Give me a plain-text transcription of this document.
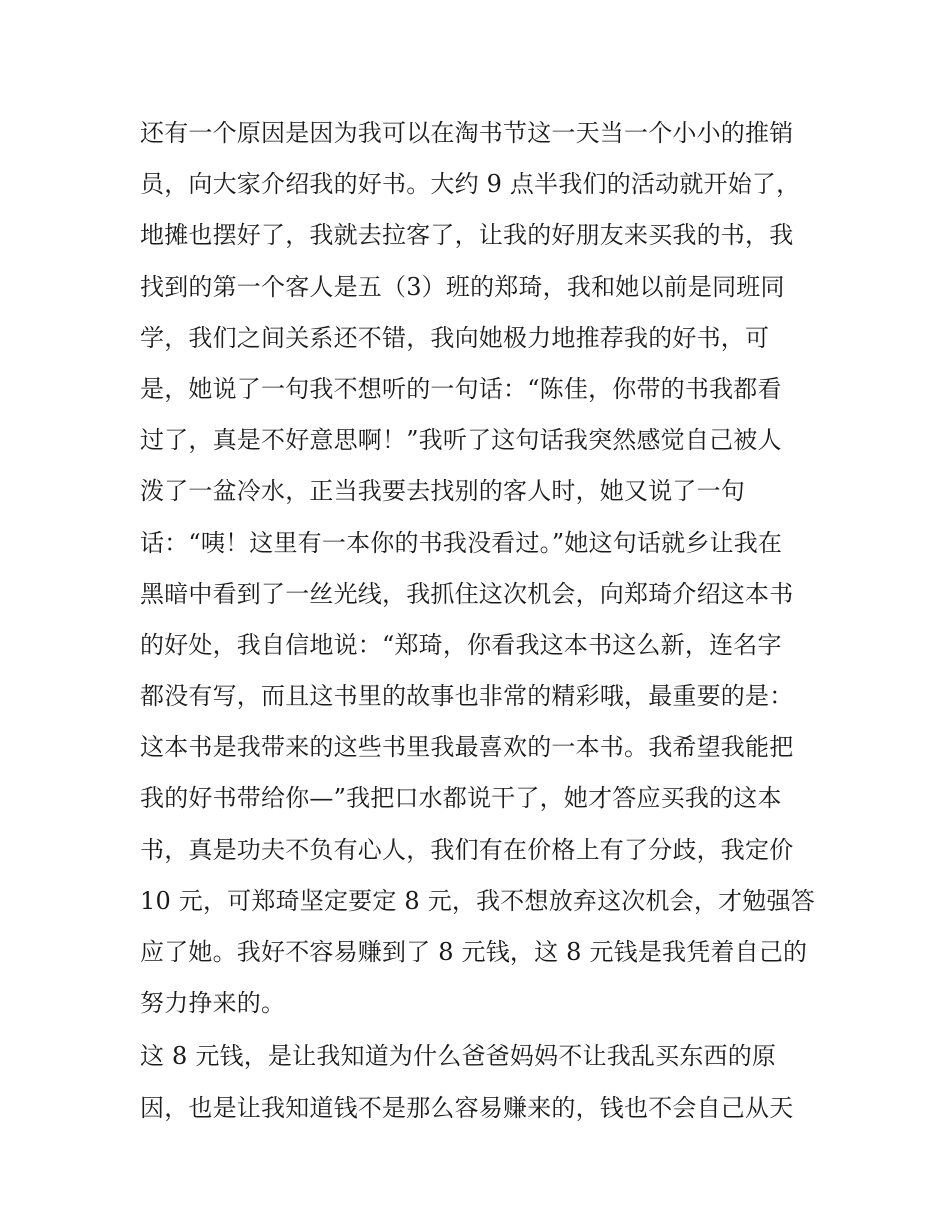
还有一个原因是因为我可以在淘书节这一天当一个小小的推销
员，向大家介绍我的好书。大约 9 点半我们的活动就开始了，
地摊也摆好了，我就去拉客了，让我的好朋友来买我的书，我
找到的第一个客人是五（3）班的郑琦，我和她以前是同班同
学，我们之间关系还不错，我向她极力地推荐我的好书，可
是，她说了一句我不想听的一句话：“陈佳，你带的书我都看
过了，真是不好意思啊！”我听了这句话我突然感觉自己被人
泼了一盆冷水，正当我要去找别的客人时，她又说了一句
话：“咦！这里有一本你的书我没看过。”她这句话就乡让我在
黑暗中看到了一丝光线，我抓住这次机会，向郑琦介绍这本书
的好处，我自信地说：“郑琦，你看我这本书这么新，连名字
都没有写，而且这书里的故事也非常的精彩哦，最重要的是：
这本书是我带来的这些书里我最喜欢的一本书。我希望我能把
我的好书带给你—”我把口水都说干了，她才答应买我的这本
书，真是功夫不负有心人，我们有在价格上有了分歧，我定价
10 元，可郑琦坚定要定 8 元，我不想放弃这次机会，才勉强答
应了她。我好不容易赚到了 8 元钱，这 8 元钱是我凭着自己的
努力挣来的。
这 8 元钱，是让我知道为什么爸爸妈妈不让我乱买东西的原
因，也是让我知道钱不是那么容易赚来的，钱也不会自己从天
